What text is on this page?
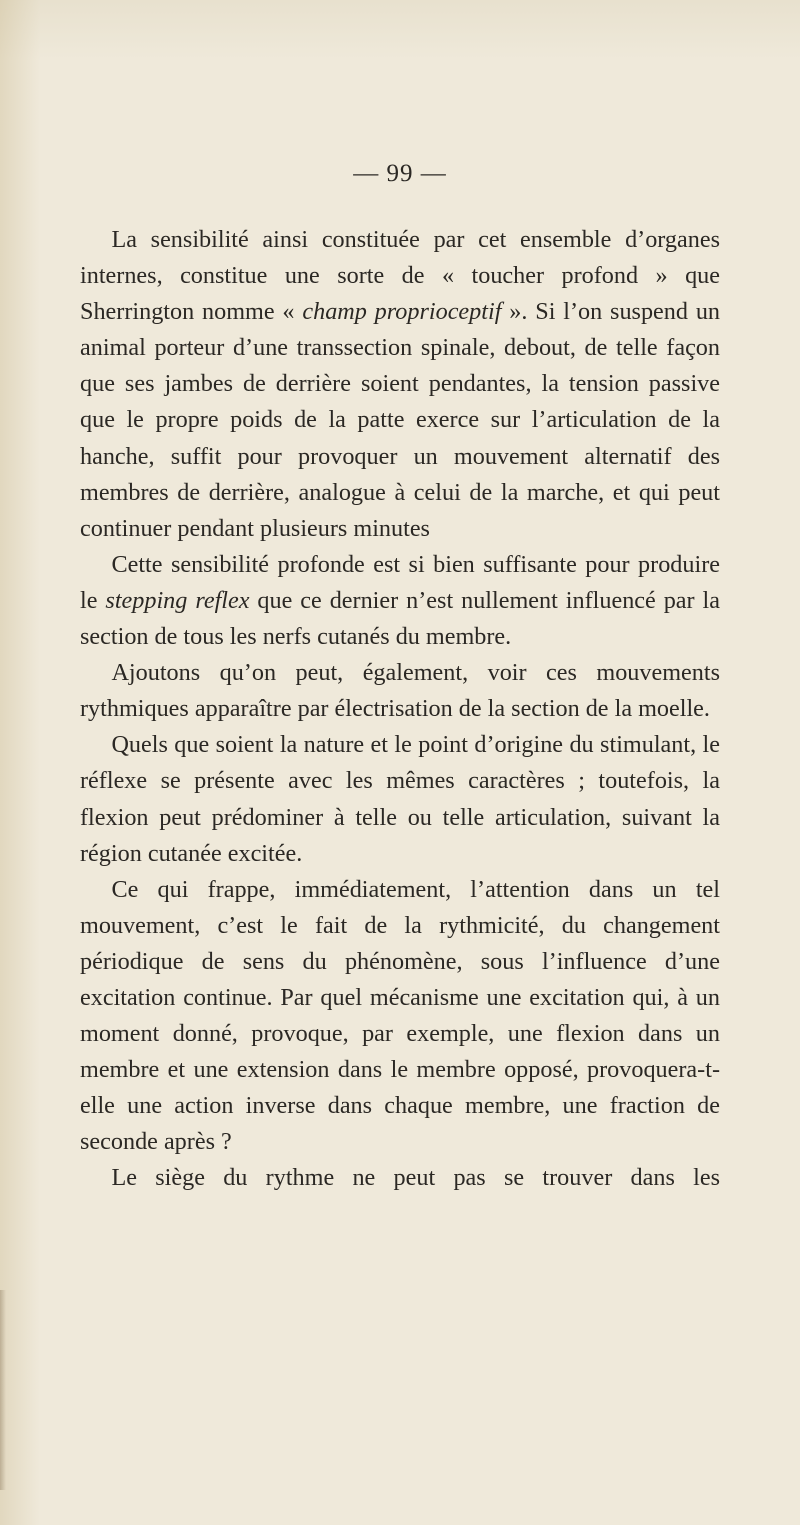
— 99 —

La sensibilité ainsi constituée par cet ensemble d’organes internes, constitue une sorte de « toucher profond » que Sherrington nomme « champ proprioceptif ». Si l’on suspend un animal porteur d’une transsection spinale, debout, de telle façon que ses jambes de derrière soient pendantes, la tension passive que le propre poids de la patte exerce sur l’articulation de la hanche, suffit pour provoquer un mouvement alternatif des membres de derrière, analogue à celui de la marche, et qui peut continuer pendant plusieurs minutes

Cette sensibilité profonde est si bien suffisante pour produire le stepping reflex que ce dernier n’est nullement influencé par la section de tous les nerfs cutanés du membre.

Ajoutons qu’on peut, également, voir ces mouvements rythmiques apparaître par électrisation de la section de la moelle.

Quels que soient la nature et le point d’origine du stimulant, le réflexe se présente avec les mêmes caractères ; toutefois, la flexion peut prédominer à telle ou telle articulation, suivant la région cutanée excitée.

Ce qui frappe, immédiatement, l’attention dans un tel mouvement, c’est le fait de la rythmicité, du changement périodique de sens du phénomène, sous l’influence d’une excitation continue. Par quel mécanisme une excitation qui, à un moment donné, provoque, par exemple, une flexion dans un membre et une extension dans le membre opposé, provoquera-t-elle une action inverse dans chaque membre, une fraction de seconde après ?

Le siège du rythme ne peut pas se trouver dans les
